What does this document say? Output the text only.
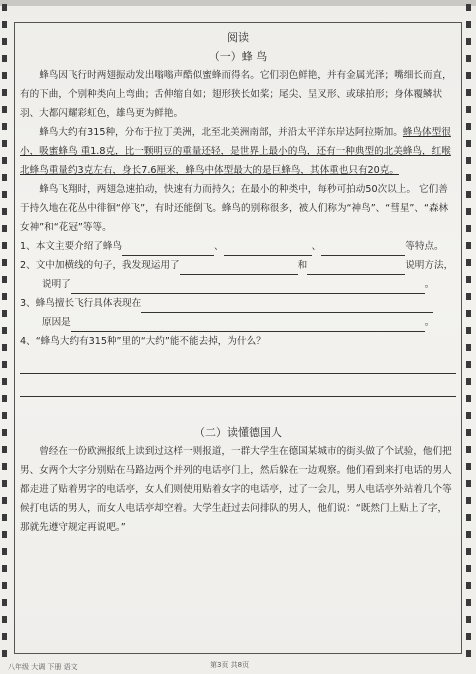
阅读
（一）蜂 鸟

蜂鸟因飞行时两翅振动发出嗡嗡声酷似蜜蜂而得名。它们羽色鲜艳，并有金属光泽；嘴细长而直，有的下曲，个别种类向上弯曲；舌伸缩自如；翅形狭长如桨；尾尖、呈叉形、或球拍形；身体覆鳞状羽、大都闪耀彩虹色，雄鸟更为鲜艳。

蜂鸟大约有315种，分布于拉丁美洲，北至北美洲南部，并沿太平洋东岸达阿拉斯加。蜂鸟体型很小，吸蜜蜂鸟 重1.8克，比一颗明豆的重量还轻，是世界上最小的鸟，还有一种典型的北美蜂鸟，红喉北蜂鸟重量约3克左右，身长7.6厘米，蜂鸟中体型最大的是巨蜂鸟，其体重也只有20克。

蜂鸟飞翔时，两翅急速拍动，快速有力而持久；在最小的种类中，每秒可拍动50次以上。 它们善于持久地在花丛中徘徊“停飞”，有时还能倒飞。蜂鸟的别称很多，被人们称为“神鸟”、“彗星”、“森林女神”和“花冠”等等。

1、本文主要介绍了蜂鸟	、	、	等特点。

2、文中加横线的句子，我发现运用了	和	说明方法，

说明了	。

3、蜂鸟擅长飞行具体表现在

原因是	。

4、“蜂鸟大约有315种”里的“大约”能不能去掉，为什么？

（二）读懂德国人

曾经在一份欧洲报纸上读到过这样一则报道，一群大学生在德国某城市的街头做了个试验，他们把男、女两个大字分别贴在马路边两个并列的电话亭门上，然后躲在一边观察。他们看到来打电话的男人都走进了贴着男字的电话亭，女人们则使用贴着女字的电话亭，过了一会儿，男人电话亭外站着几个等候打电话的男人，而女人电话亭却空着。大学生赶过去问排队的男人，他们说：“既然门上贴上了字，那就先遵守规定再说吧。”

八年级 大调 下册 语文	第3页 共8页
